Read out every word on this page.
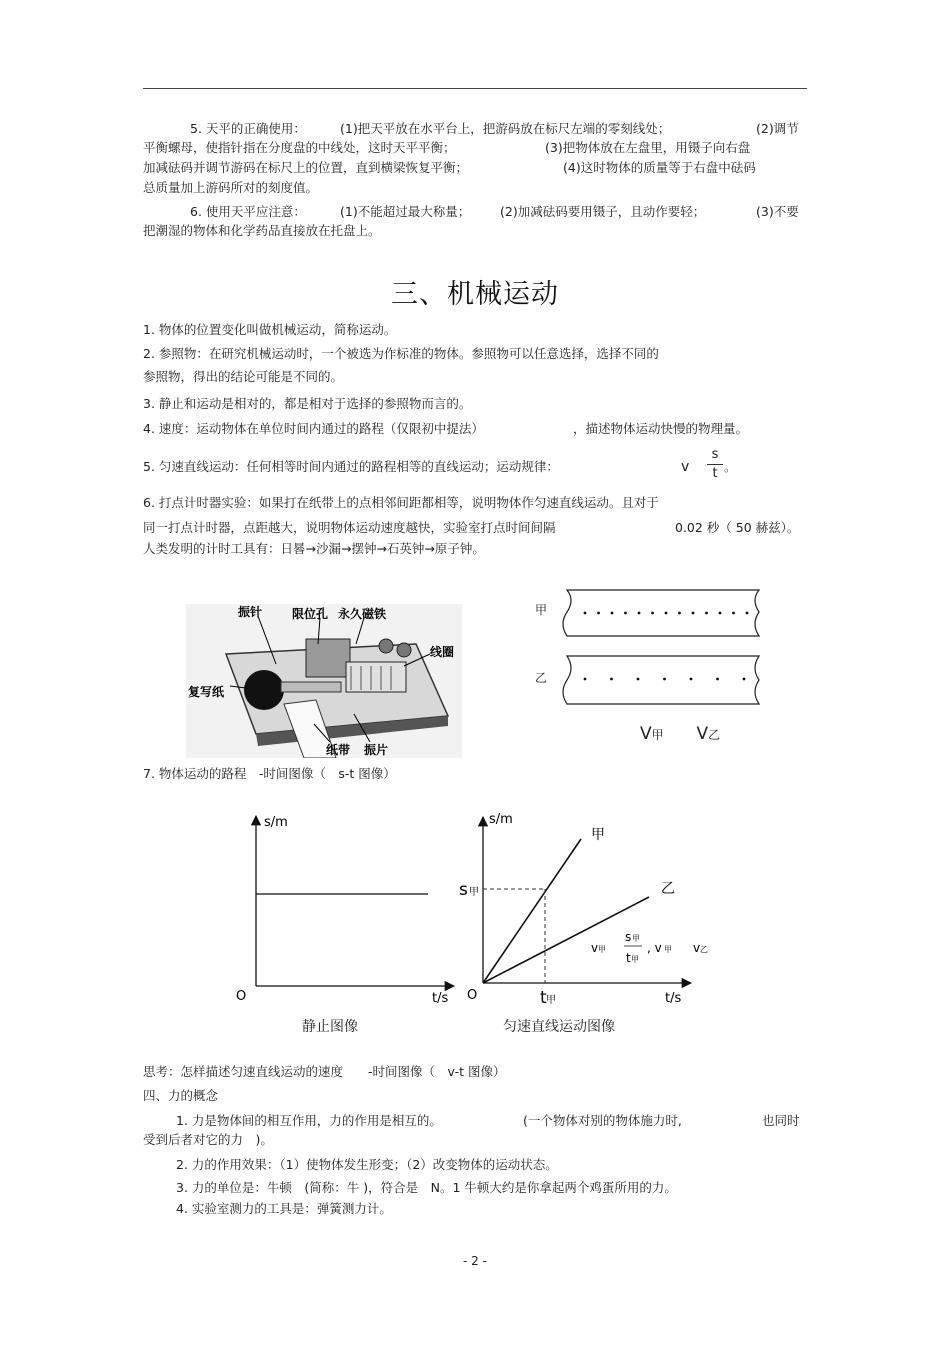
5. 天平的正确使用：	(1)把天平放在水平台上，把游码放在标尺左端的零刻线处；	(2)调节
平衡螺母，使指针指在分度盘的中线处，这时天平平衡；	(3)把物体放在左盘里，用镊子向右盘
加减砝码并调节游码在标尺上的位置，直到横梁恢复平衡；	(4)这时物体的质量等于右盘中砝码
总质量加上游码所对的刻度值。
6. 使用天平应注意：	(1)不能超过最大称量； (2)加减砝码要用镊子，且动作要轻；	(3)不要
把潮湿的物体和化学药品直接放在托盘上。
三、机械运动
1. 物体的位置变化叫做机械运动，简称运动。
2. 参照物：在研究机械运动时，一个被选为作标准的物体。参照物可以任意选择，选择不同的
参照物，得出的结论可能是不同的。
3. 静止和运动是相对的，都是相对于选择的参照物而言的。
4. 速度：运动物体在单位时间内通过的路程（仅限初中提法）	，描述物体运动快慢的物理量。
5. 匀速直线运动：任何相等时间内通过的路程相等的直线运动；运动规律：	v
s
t 。
6. 打点计时器实验：如果打在纸带上的点相邻间距都相等，说明物体作匀速直线运动。且对于
同一打点计时器，点距越大，说明物体运动速度越快，实验室打点时间间隔	0.02 秒（ 50 赫兹）。
人类发明的计时工具有：日晷→沙漏→摆钟→石英钟→原子钟。
振针 限位孔 永久磁铁
线圈
复写纸
纸带 振片
甲
乙
V甲 V乙
7. 物体运动的路程　-时间图像（　s-t 图像）
s/m
O	t/s
静止图像
s/m
O	t/s
甲
乙
s 甲
t 甲
v 甲
s 甲
t 甲
, v 甲 v 乙
匀速直线运动图像
思考：怎样描述匀速直线运动的速度　　-时间图像（　v-t 图像）
四、力的概念
1. 力是物体间的相互作用，力的作用是相互的。	(一个物体对别的物体施力时,	也同时
受到后者对它的力　)。
2. 力的作用效果：（1）使物体发生形变；（2）改变物体的运动状态。
3. 力的单位是：牛顿　(简称：牛 )，符合是　N。1 牛顿大约是你拿起两个鸡蛋所用的力。
4. 实验室测力的工具是：弹簧测力计。
- 2 -
